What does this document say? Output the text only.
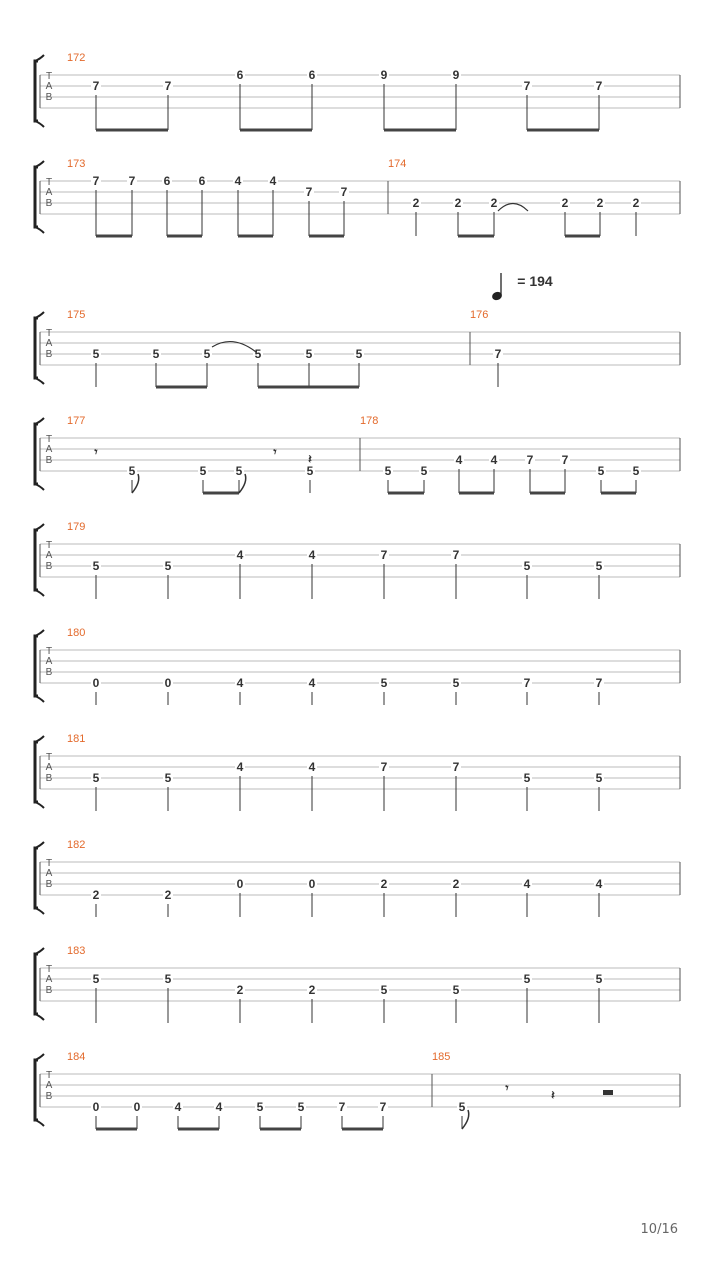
T
A
B
172
7	7
6	6	9	9
7	7
T
A
B
173
7 7 6 6 4 4
7 7
174
2	2 2	2 2 2
T
A
B
175
5	5	5	5	5	5
176
7
T
A
B
177
5	5 5	5
𝄾	𝄾	𝄽
178
5 5
4 4 7 7
5 5
T
A
B
179
5	5
4	4	7	7
5	5
T
A
B
180
0	0	4	4	5	5	7	7
T
A
B
181
5	5
4	4	7	7
5	5
T
A
B
182
2	2
0	0	2	2	4	4
T
A
B
183
5	5
2	2	5	5
5	5
T
A
B
184
0	0	4	4	5	5	7	7
185
5
𝄾	𝄽
= 194
10/16
